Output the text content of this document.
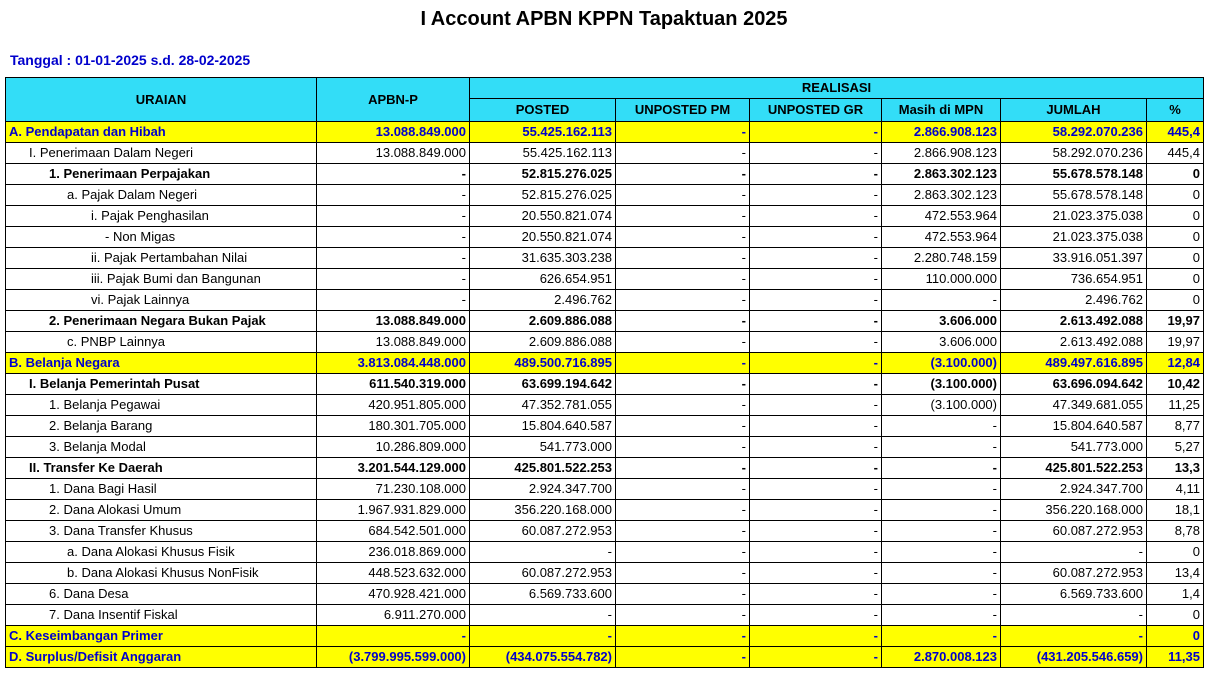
I Account APBN KPPN Tapaktuan 2025
Tanggal : 01-01-2025 s.d. 28-02-2025
URAIAN	APBN-P	REALISASI					
		POSTED	UNPOSTED PM	UNPOSTED GR	Masih di MPN	JUMLAH	%
A. Pendapatan dan Hibah	13.088.849.000	55.425.162.113	-	-	2.866.908.123	58.292.070.236	445,4
I. Penerimaan Dalam Negeri	13.088.849.000	55.425.162.113	-	-	2.866.908.123	58.292.070.236	445,4
1. Penerimaan Perpajakan	-	52.815.276.025	-	-	2.863.302.123	55.678.578.148	0
a. Pajak Dalam Negeri	-	52.815.276.025	-	-	2.863.302.123	55.678.578.148	0
i. Pajak Penghasilan	-	20.550.821.074	-	-	472.553.964	21.023.375.038	0
- Non Migas	-	20.550.821.074	-	-	472.553.964	21.023.375.038	0
ii. Pajak Pertambahan Nilai	-	31.635.303.238	-	-	2.280.748.159	33.916.051.397	0
iii. Pajak Bumi dan Bangunan	-	626.654.951	-	-	110.000.000	736.654.951	0
vi. Pajak Lainnya	-	2.496.762	-	-	-	2.496.762	0
2. Penerimaan Negara Bukan Pajak	13.088.849.000	2.609.886.088	-	-	3.606.000	2.613.492.088	19,97
c. PNBP Lainnya	13.088.849.000	2.609.886.088	-	-	3.606.000	2.613.492.088	19,97
B. Belanja Negara	3.813.084.448.000	489.500.716.895	-	-	(3.100.000)	489.497.616.895	12,84
I. Belanja Pemerintah Pusat	611.540.319.000	63.699.194.642	-	-	(3.100.000)	63.696.094.642	10,42
1. Belanja Pegawai	420.951.805.000	47.352.781.055	-	-	(3.100.000)	47.349.681.055	11,25
2. Belanja Barang	180.301.705.000	15.804.640.587	-	-	-	15.804.640.587	8,77
3. Belanja Modal	10.286.809.000	541.773.000	-	-	-	541.773.000	5,27
II. Transfer Ke Daerah	3.201.544.129.000	425.801.522.253	-	-	-	425.801.522.253	13,3
1. Dana Bagi Hasil	71.230.108.000	2.924.347.700	-	-	-	2.924.347.700	4,11
2. Dana Alokasi Umum	1.967.931.829.000	356.220.168.000	-	-	-	356.220.168.000	18,1
3. Dana Transfer Khusus	684.542.501.000	60.087.272.953	-	-	-	60.087.272.953	8,78
a. Dana Alokasi Khusus Fisik	236.018.869.000	-	-	-	-	-	0
b. Dana Alokasi Khusus NonFisik	448.523.632.000	60.087.272.953	-	-	-	60.087.272.953	13,4
6. Dana Desa	470.928.421.000	6.569.733.600	-	-	-	6.569.733.600	1,4
7. Dana Insentif Fiskal	6.911.270.000	-	-	-	-	-	0
C. Keseimbangan Primer	-	-	-	-	-	-	0
D. Surplus/Defisit Anggaran	(3.799.995.599.000)	(434.075.554.782)	-	-	2.870.008.123	(431.205.546.659)	11,35
